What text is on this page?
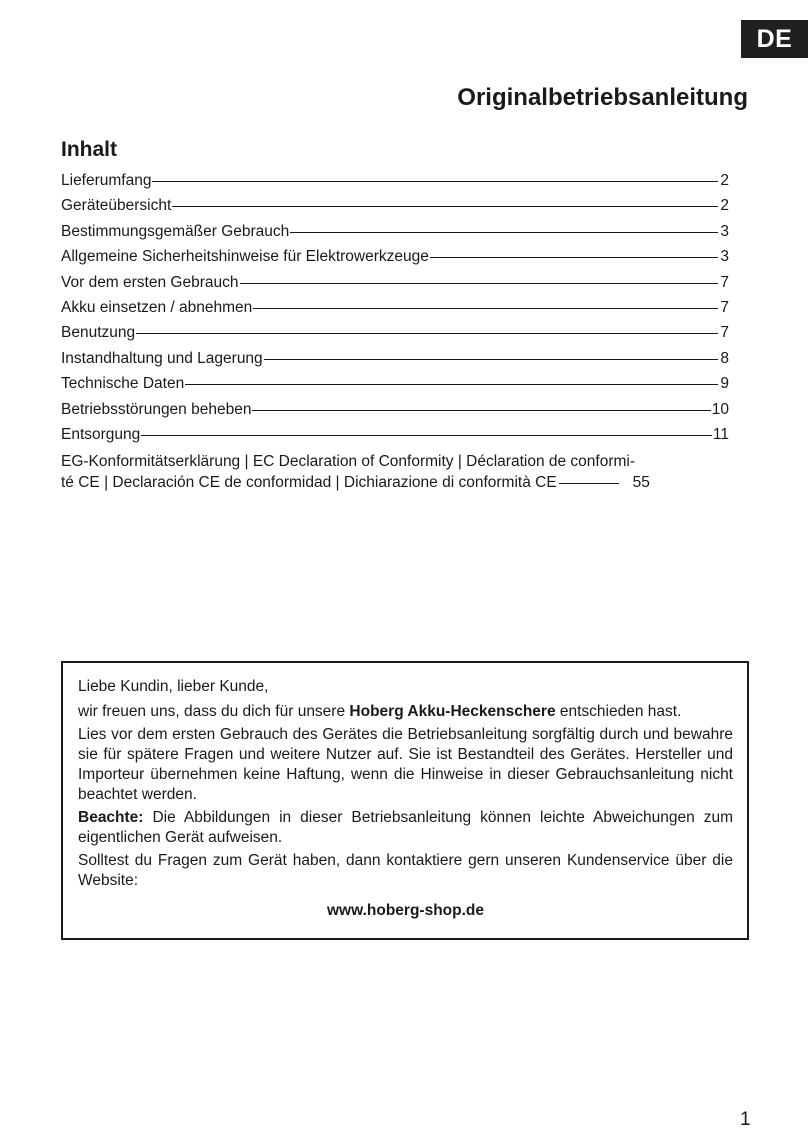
DE
Originalbetriebsanleitung
Inhalt
Lieferumfang	2
Geräteübersicht	2
Bestimmungsgemäßer Gebrauch	3
Allgemeine Sicherheitshinweise für Elektrowerkzeuge	3
Vor dem ersten Gebrauch	7
Akku einsetzen / abnehmen	7
Benutzung	7
Instandhaltung und Lagerung	8
Technische Daten	9
Betriebsstörungen beheben	10
Entsorgung	11
EG-Konformitätserklärung | EC Declaration of Conformity | Déclaration de conformi-
té CE | Declaración CE de conformidad | Dichiarazione di conformità CE	55

Liebe Kundin, lieber Kunde,

wir freuen uns, dass du dich für unsere Hoberg Akku-Heckenschere entschieden hast.

Lies vor dem ersten Gebrauch des Gerätes die Betriebsanleitung sorgfältig durch und bewahre sie für spätere Fragen und weitere Nutzer auf. Sie ist Bestandteil des Gerätes. Hersteller und Importeur übernehmen keine Haftung, wenn die Hinweise in dieser Gebrauchsanleitung nicht beachtet werden.

Beachte: Die Abbildungen in dieser Betriebsanleitung können leichte Abweichungen zum eigentlichen Gerät aufweisen.

Solltest du Fragen zum Gerät haben, dann kontaktiere gern unseren Kundenservice über die Website:

www.hoberg-shop.de

1
